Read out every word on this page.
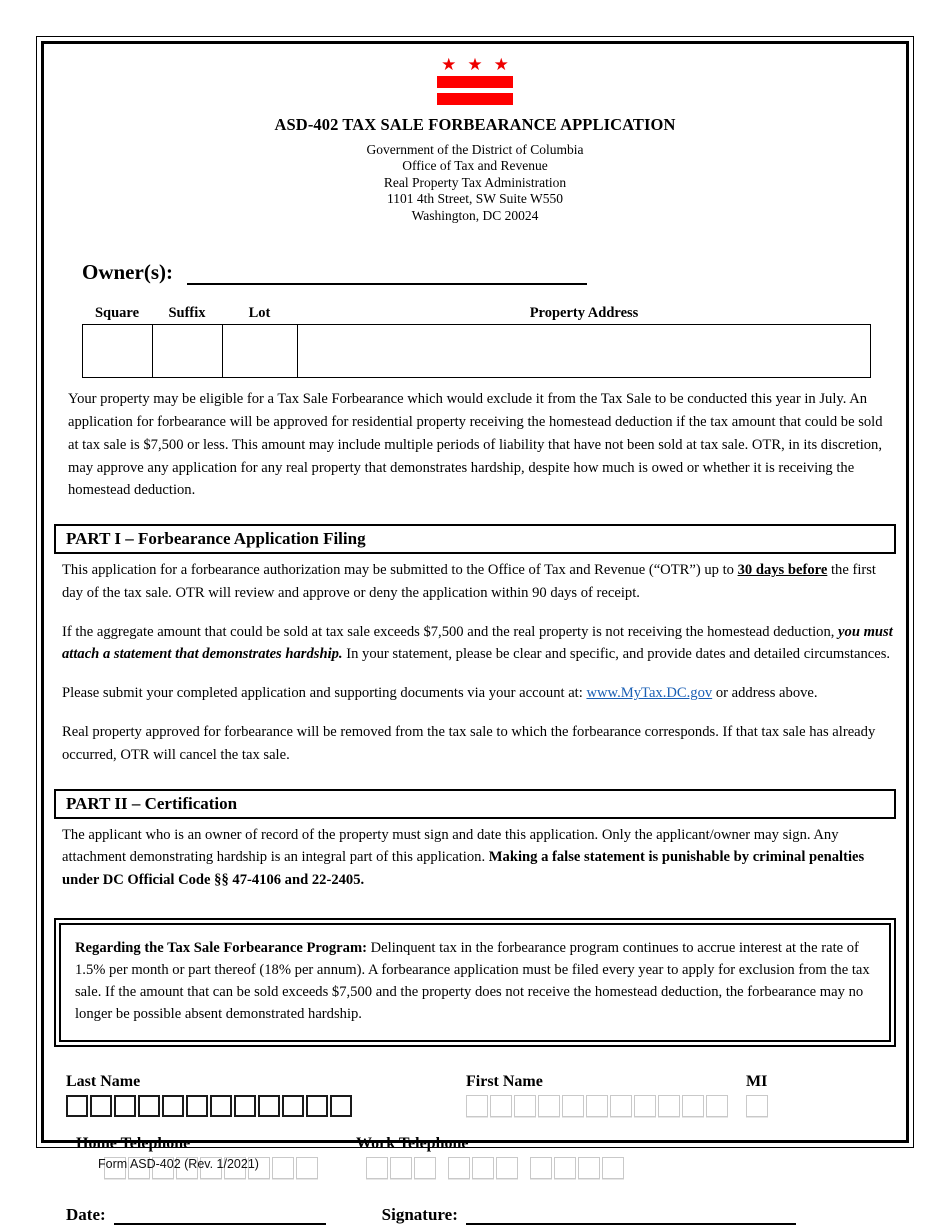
★ ★ ★
ASD-402 TAX SALE FORBEARANCE APPLICATION
Government of the District of Columbia
Office of Tax and Revenue
Real Property Tax Administration
1101 4th Street, SW Suite W550
Washington, DC 20024
Owner(s):
Square	Suffix	Lot	Property Address

Your property may be eligible for a Tax Sale Forbearance which would exclude it from the Tax Sale to be conducted this year in July. An application for forbearance will be approved for residential property receiving the homestead deduction if the tax amount that could be sold at tax sale is $7,500 or less. This amount may include multiple periods of liability that have not been sold at tax sale. OTR, in its discretion, may approve any application for any real property that demonstrates hardship, despite how much is owed or whether it is receiving the homestead deduction.

PART I – Forbearance Application Filing

This application for a forbearance authorization may be submitted to the Office of Tax and Revenue (“OTR”) up to 30 days before the first day of the tax sale. OTR will review and approve or deny the application within 90 days of receipt.

If the aggregate amount that could be sold at tax sale exceeds $7,500 and the real property is not receiving the homestead deduction, you must attach a statement that demonstrates hardship. In your statement, please be clear and specific, and provide dates and detailed circumstances.

Please submit your completed application and supporting documents via your account at: www.MyTax.DC.gov or address above.

Real property approved for forbearance will be removed from the tax sale to which the forbearance corresponds. If that tax sale has already occurred, OTR will cancel the tax sale.

PART II – Certification

The applicant who is an owner of record of the property must sign and date this application. Only the applicant/owner may sign. Any attachment demonstrating hardship is an integral part of this application. Making a false statement is punishable by criminal penalties under DC Official Code §§ 47-4106 and 22-2405.

Regarding the Tax Sale Forbearance Program: Delinquent tax in the forbearance program continues to accrue interest at the rate of 1.5% per month or part thereof (18% per annum). A forbearance application must be filed every year to apply for exclusion from the tax sale. If the amount that can be sold exceeds $7,500 and the property does not receive the homestead deduction, the forbearance may no longer be possible absent demonstrated hardship.

Last Name	First Name	MI
Home Telephone	Work Telephone
Date:	Signature:
Form ASD-402 (Rev. 1/2021)
